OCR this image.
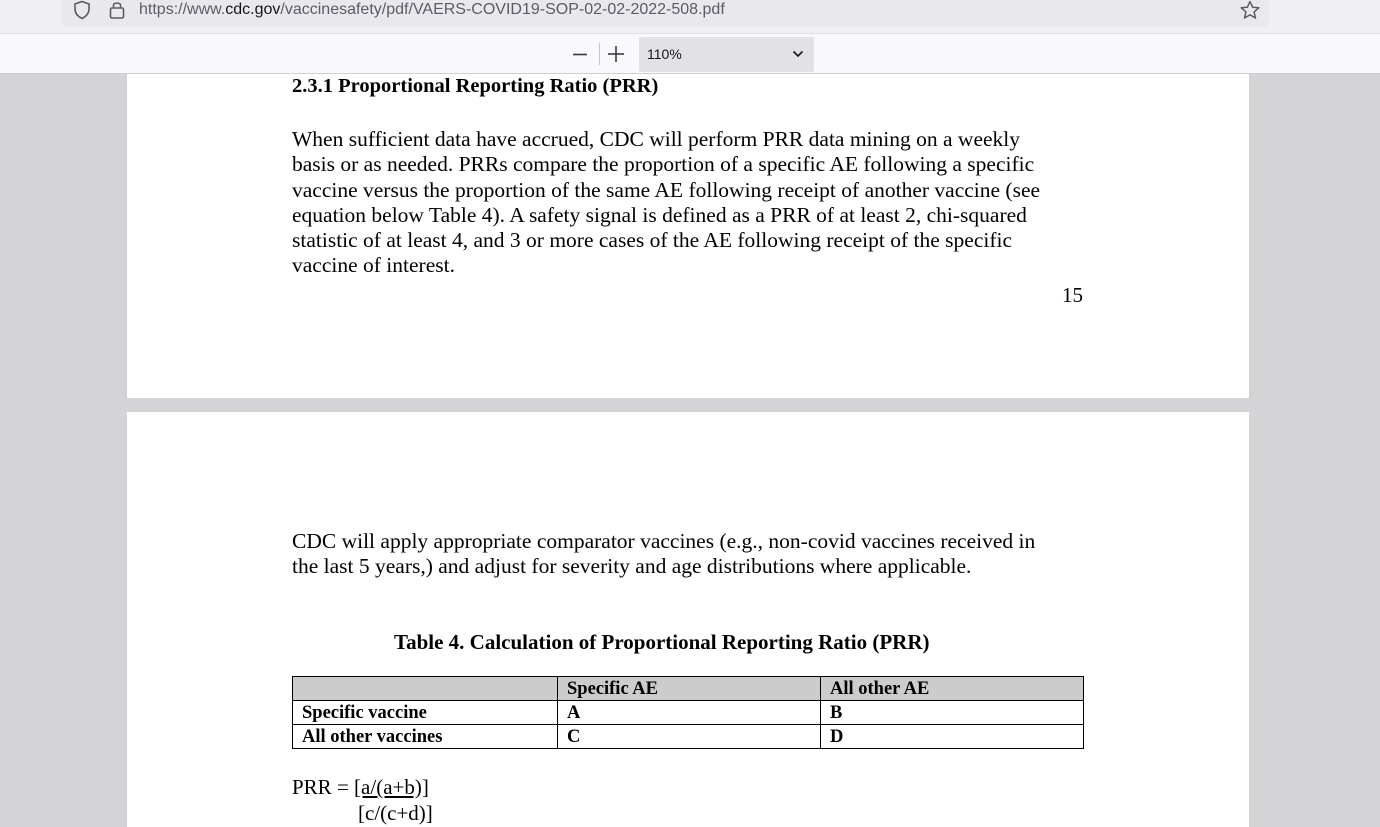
https://www.cdc.gov/vaccinesafety/pdf/VAERS-COVID19-SOP-02-02-2022-508.pdf
110%
2.3.1 Proportional Reporting Ratio (PRR)
When sufficient data have accrued, CDC will perform PRR data mining on a weekly
basis or as needed. PRRs compare the proportion of a specific AE following a specific
vaccine versus the proportion of the same AE following receipt of another vaccine (see
equation below Table 4). A safety signal is defined as a PRR of at least 2, chi-squared
statistic of at least 4, and 3 or more cases of the AE following receipt of the specific
vaccine of interest.
15
CDC will apply appropriate comparator vaccines (e.g., non-covid vaccines received in
the last 5 years,) and adjust for severity and age distributions where applicable.
Table 4. Calculation of Proportional Reporting Ratio (PRR)
	Specific AE	All other AE
Specific vaccine	A	B
All other vaccines	C	D
PRR = [a/(a+b)]
[c/(c+d)]
